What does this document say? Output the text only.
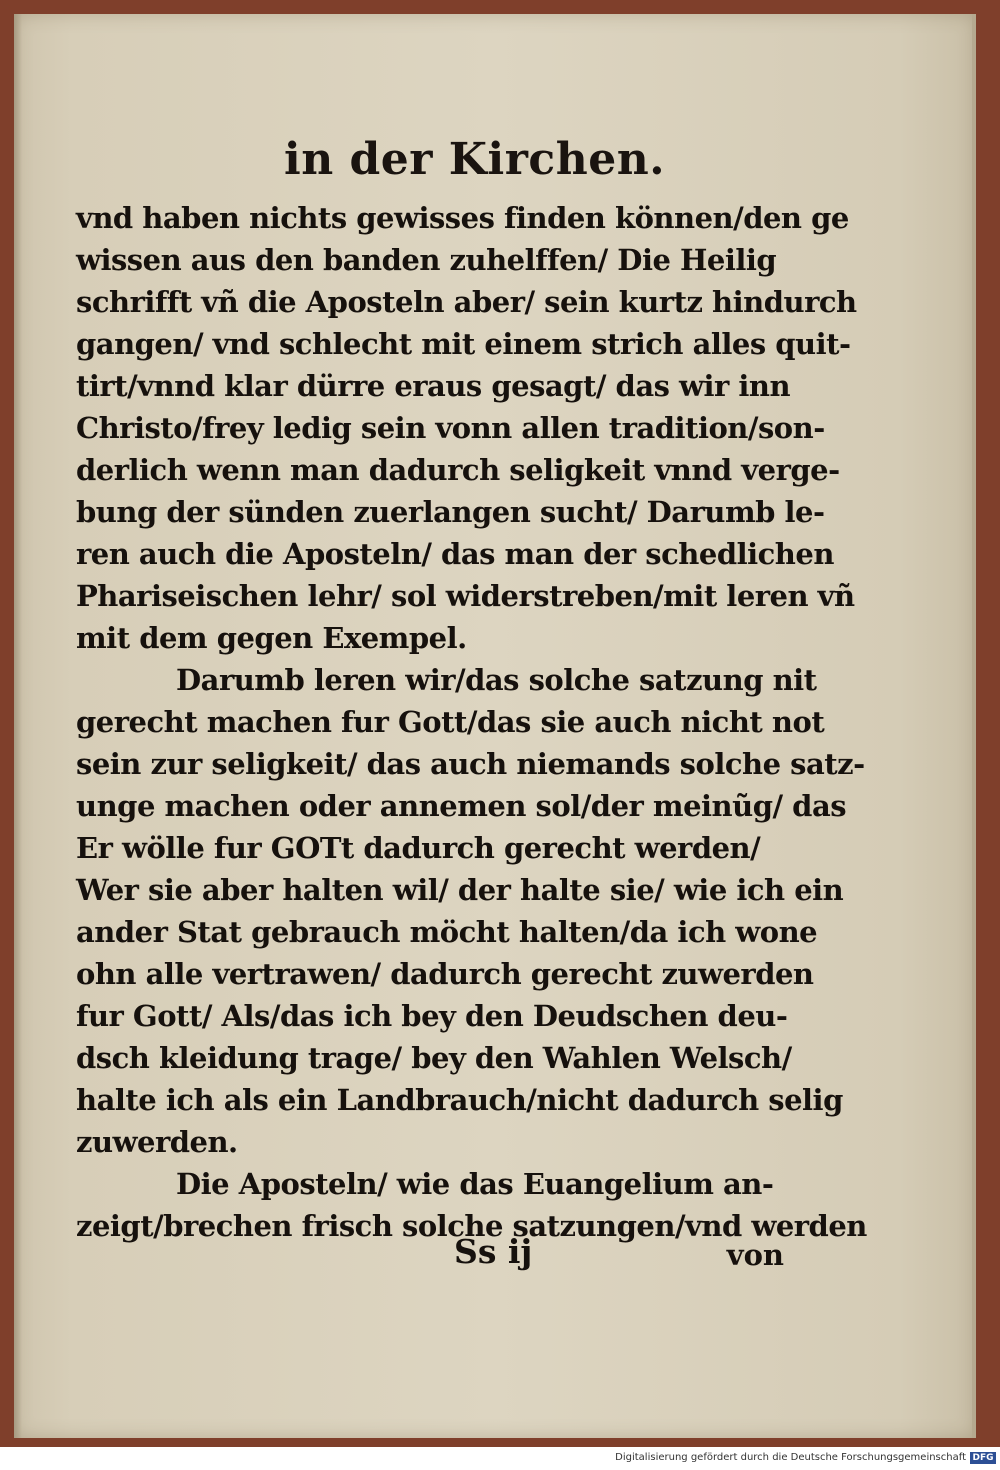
in der Kirchen.
vnd haben nichts gewisses finden können/den ge
wissen aus den banden zuhelffen/ Die Heilig
schrifft vñ die Aposteln aber/ sein kurtz hindurch
gangen/ vnd schlecht mit einem strich alles quit-
tirt/vnnd klar dürre eraus gesagt/ das wir inn
Christo/frey ledig sein vonn allen tradition/son-
derlich wenn man dadurch seligkeit vnnd verge-
bung der sünden zuerlangen sucht/ Darumb le-
ren auch die Aposteln/ das man der schedlichen
Phariseischen lehr/ sol widerstreben/mit leren vñ
mit dem gegen Exempel.
Darumb leren wir/das solche satzung nit
gerecht machen fur Gott/das sie auch nicht not
sein zur seligkeit/ das auch niemands solche satz-
unge machen oder annemen sol/der meinũg/ das
Er wölle fur GOTt dadurch gerecht werden/
Wer sie aber halten wil/ der halte sie/ wie ich ein
ander Stat gebrauch möcht halten/da ich wone
ohn alle vertrawen/ dadurch gerecht zuwerden
fur Gott/ Als/das ich bey den Deudschen deu-
dsch kleidung trage/ bey den Wahlen Welsch/
halte ich als ein Landbrauch/nicht dadurch selig
zuwerden.
Die Aposteln/ wie das Euangelium an-
zeigt/brechen frisch solche satzungen/vnd werden
Ss ij	von
Digitalisierung gefördert durch die Deutsche Forschungsgemeinschaft DFG
